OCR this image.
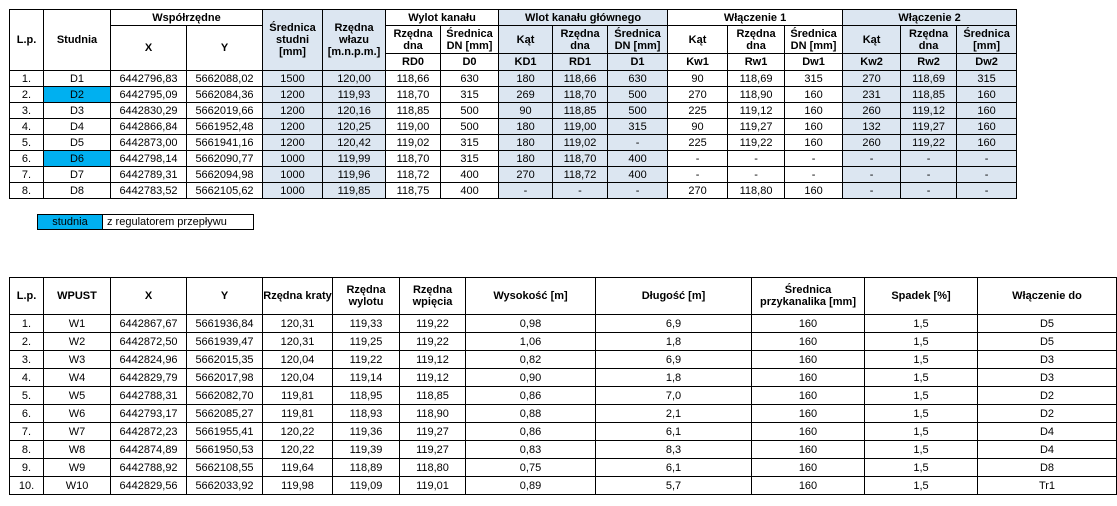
L.p.	Studnia	Współrzędne		Średnica studni [mm]	Rzędna włazu [m.n.p.m.]	Wylot kanału		Wlot kanału głównego			Włączenie 1			Włączenie 2		
		X	Y			Rzędna dna	Średnica DN [mm]	Kąt	Rzędna dna	Średnica DN [mm]	Kąt	Rzędna dna	Średnica DN [mm]	Kąt	Rzędna dna	Średnica [mm]
						RD0	D0	KD1	RD1	D1	Kw1	Rw1	Dw1	Kw2	Rw2	Dw2
1.	D1	6442796,83	5662088,02	1500	120,00	118,66	630	180	118,66	630	90	118,69	315	270	118,69	315
2.	D2	6442795,09	5662084,36	1200	119,93	118,70	315	269	118,70	500	270	118,90	160	231	118,85	160
3.	D3	6442830,29	5662019,66	1200	120,16	118,85	500	90	118,85	500	225	119,12	160	260	119,12	160
4.	D4	6442866,84	5661952,48	1200	120,25	119,00	500	180	119,00	315	90	119,27	160	132	119,27	160
5.	D5	6442873,00	5661941,16	1200	120,42	119,02	315	180	119,02	-	225	119,22	160	260	119,22	160
6.	D6	6442798,14	5662090,77	1000	119,99	118,70	315	180	118,70	400	-	-	-	-	-	-
7.	D7	6442789,31	5662094,98	1000	119,96	118,72	400	270	118,72	400	-	-	-	-	-	-
8.	D8	6442783,52	5662105,62	1000	119,85	118,75	400	-	-	-	270	118,80	160	-	-	-
studnia	z regulatorem przepływu
L.p.	WPUST	X	Y	Rzędna kraty	Rzędna wylotu	Rzędna wpięcia	Wysokość [m]	Długość [m]	Średnica przykanalika [mm]	Spadek [%]	Włączenie do
1.	W1	6442867,67	5661936,84	120,31	119,33	119,22	0,98	6,9	160	1,5	D5
2.	W2	6442872,50	5661939,47	120,31	119,25	119,22	1,06	1,8	160	1,5	D5
3.	W3	6442824,96	5662015,35	120,04	119,22	119,12	0,82	6,9	160	1,5	D3
4.	W4	6442829,79	5662017,98	120,04	119,14	119,12	0,90	1,8	160	1,5	D3
5.	W5	6442788,31	5662082,70	119,81	118,95	118,85	0,86	7,0	160	1,5	D2
6.	W6	6442793,17	5662085,27	119,81	118,93	118,90	0,88	2,1	160	1,5	D2
7.	W7	6442872,23	5661955,41	120,22	119,36	119,27	0,86	6,1	160	1,5	D4
8.	W8	6442874,89	5661950,53	120,22	119,39	119,27	0,83	8,3	160	1,5	D4
9.	W9	6442788,92	5662108,55	119,64	118,89	118,80	0,75	6,1	160	1,5	D8
10.	W10	6442829,56	5662033,92	119,98	119,09	119,01	0,89	5,7	160	1,5	Tr1
